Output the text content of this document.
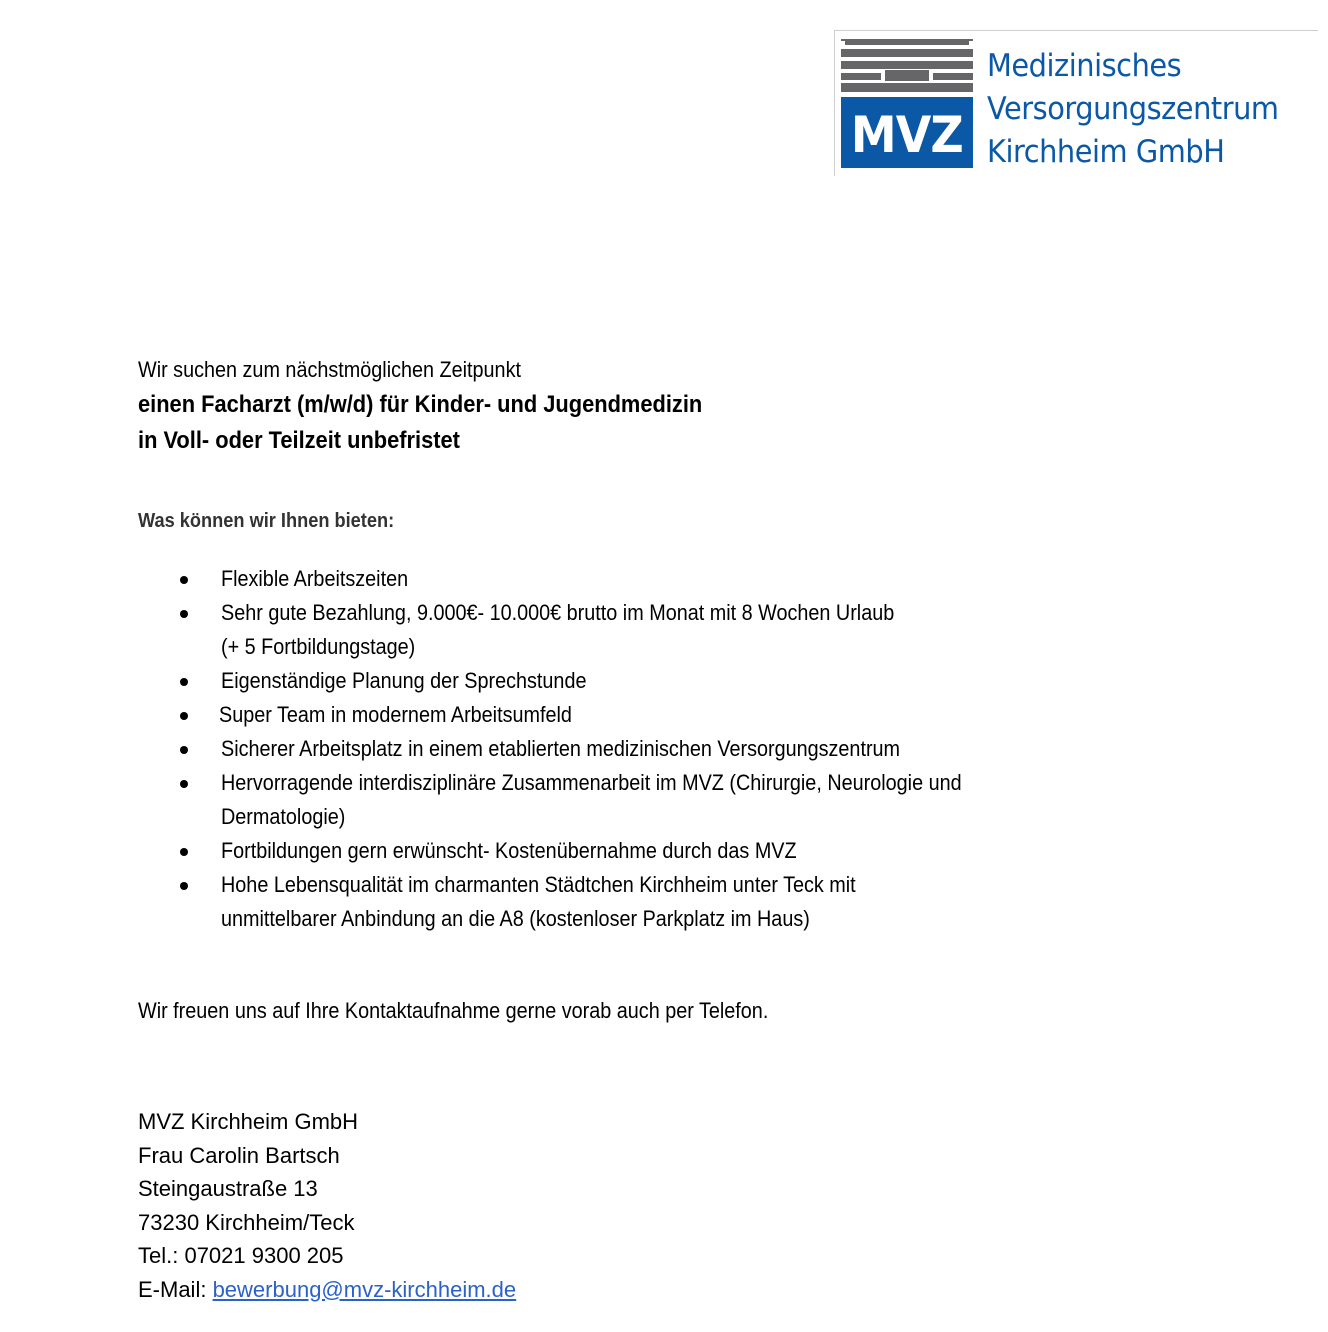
MVZ
Medizinisches
Versorgungszentrum
Kirchheim GmbH
Wir suchen zum nächstmöglichen Zeitpunkt
einen Facharzt (m/w/d) für Kinder- und Jugendmedizin
in Voll- oder Teilzeit unbefristet
Was können wir Ihnen bieten:
Flexible Arbeitszeiten
Sehr gute Bezahlung, 9.000€- 10.000€ brutto im Monat mit 8 Wochen Urlaub
(+ 5 Fortbildungstage)
Eigenständige Planung der Sprechstunde
Super Team in modernem Arbeitsumfeld
Sicherer Arbeitsplatz in einem etablierten medizinischen Versorgungszentrum
Hervorragende interdisziplinäre Zusammenarbeit im MVZ (Chirurgie, Neurologie und
Dermatologie)
Fortbildungen gern erwünscht- Kostenübernahme durch das MVZ
Hohe Lebensqualität im charmanten Städtchen Kirchheim unter Teck mit
unmittelbarer Anbindung an die A8 (kostenloser Parkplatz im Haus)
Wir freuen uns auf Ihre Kontaktaufnahme gerne vorab auch per Telefon.
MVZ Kirchheim GmbH
Frau Carolin Bartsch
Steingaustraße 13
73230 Kirchheim/Teck
Tel.: 07021 9300 205
E-Mail: bewerbung@mvz-kirchheim.de
